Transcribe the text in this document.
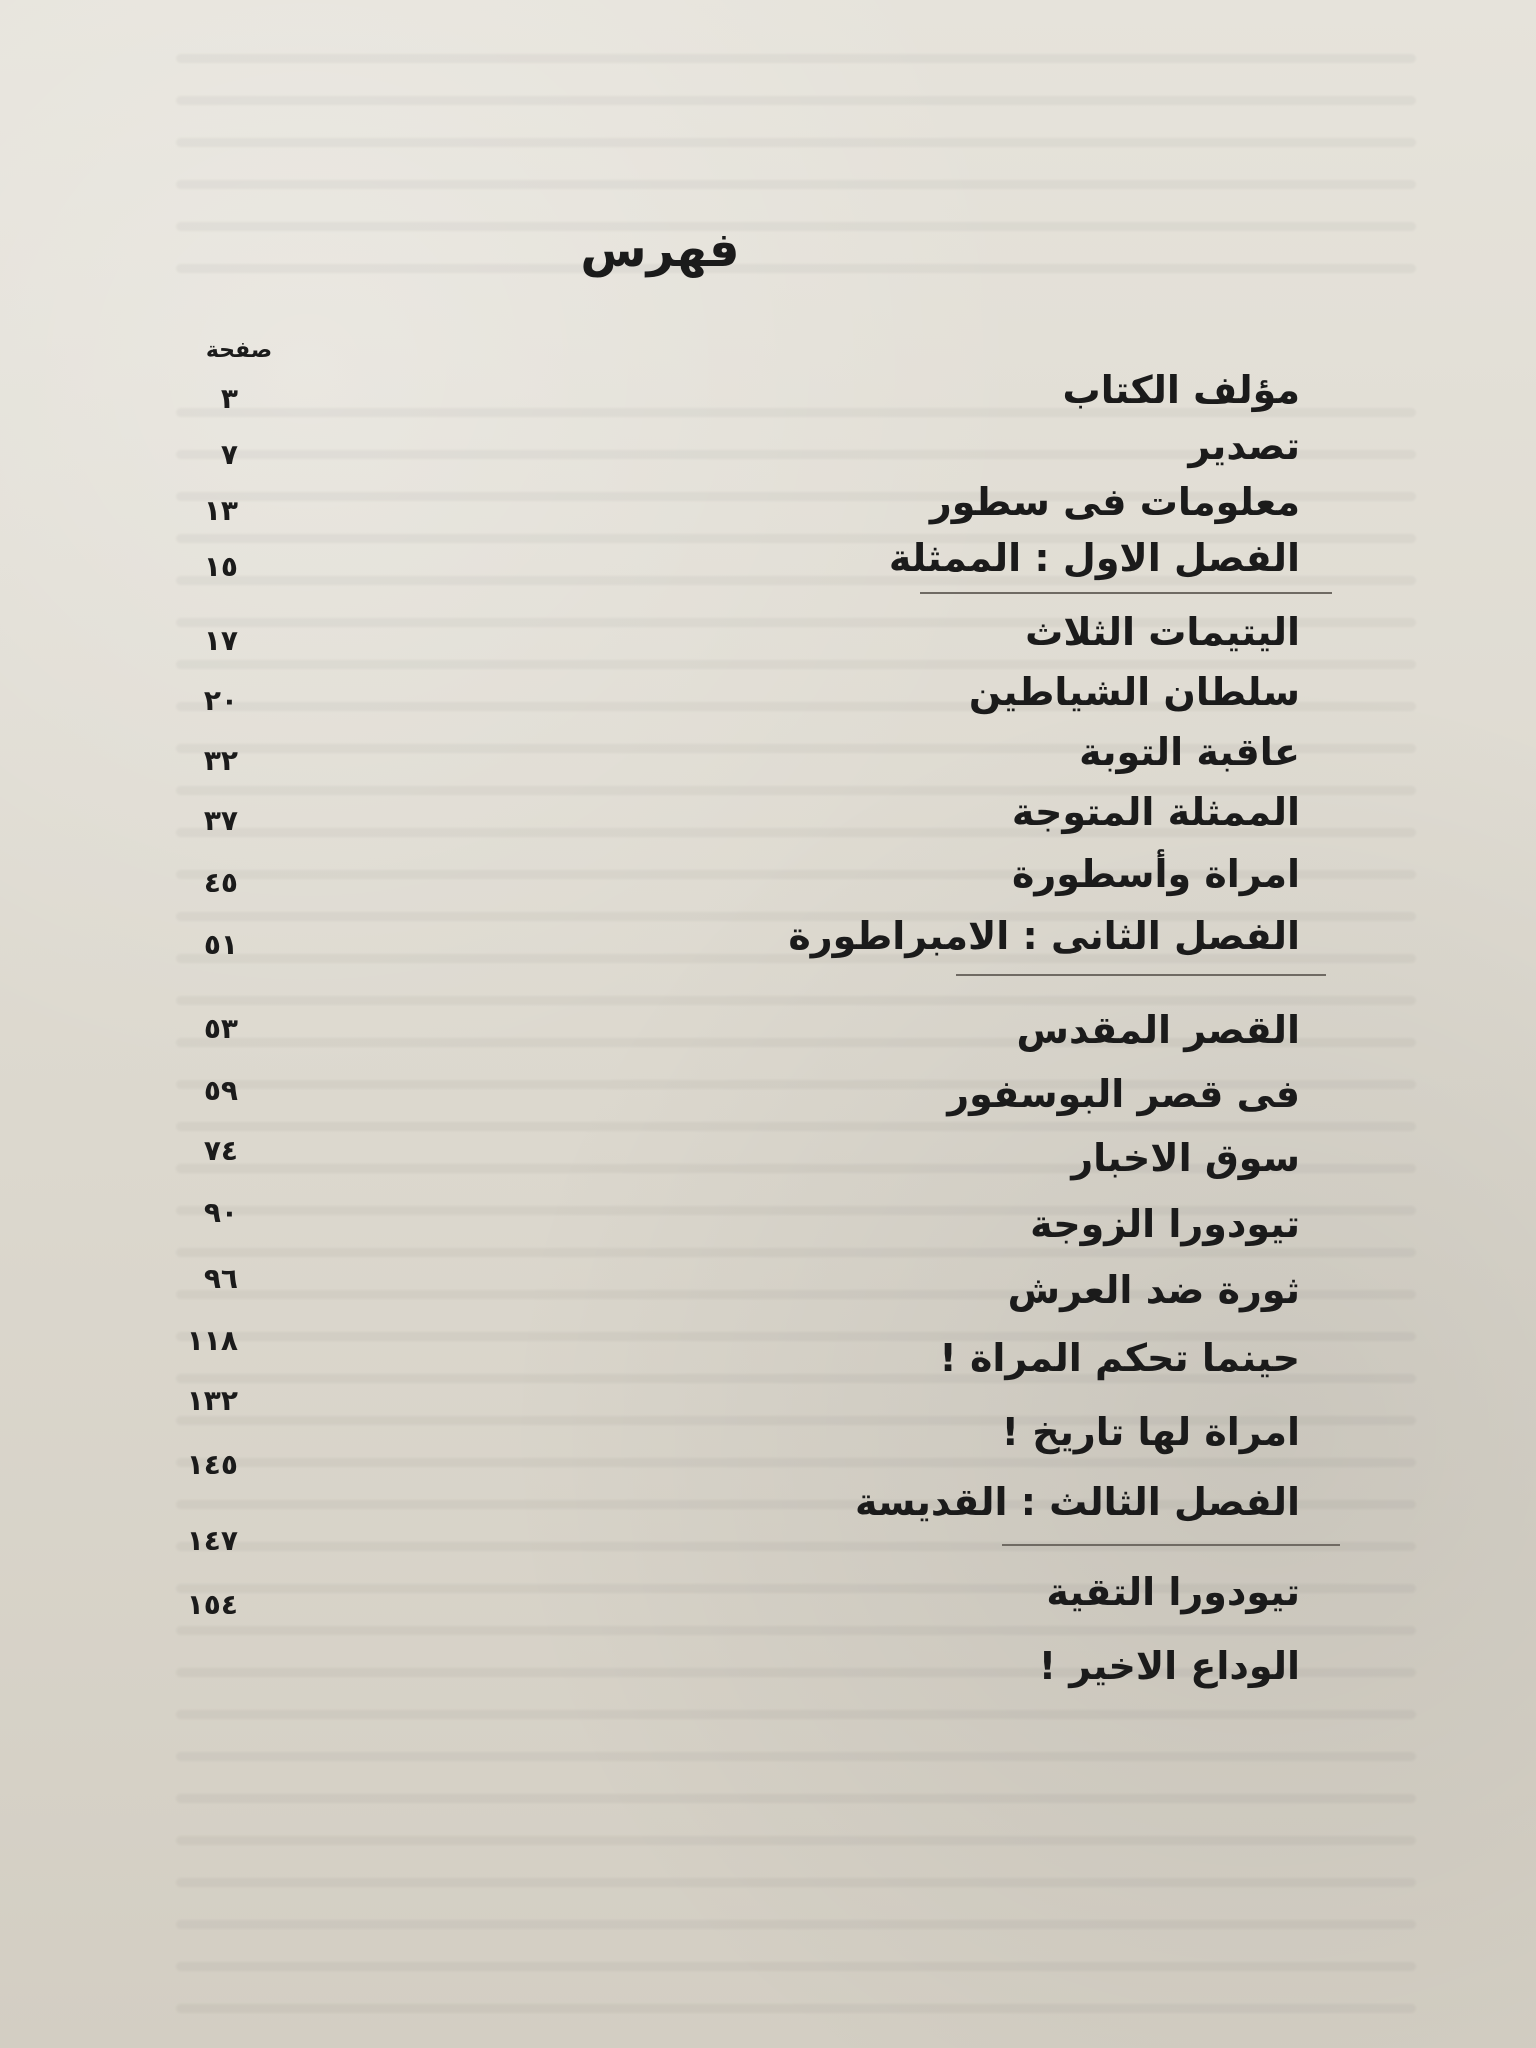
فهرس
صفحة
مؤلف الكتاب
٣
تصدير
٧
معلومات فى سطور
١٣
الفصل الاول : الممثلة
١٥
اليتيمات الثلاث
١٧
سلطان الشياطين
٢٠
عاقبة التوبة
٣٢
الممثلة المتوجة
٣٧
امراة وأسطورة
٤٥
الفصل الثانى : الامبراطورة
٥١
القصر المقدس
٥٣
فى قصر البوسفور
٥٩
سوق الاخبار
٧٤
تيودورا الزوجة
٩٠
ثورة ضد العرش
٩٦
حينما تحكم المراة !
١١٨
امراة لها تاريخ !
١٣٢
الفصل الثالث : القديسة
١٤٥
تيودورا التقية
١٤٧
الوداع الاخير !
١٥٤
